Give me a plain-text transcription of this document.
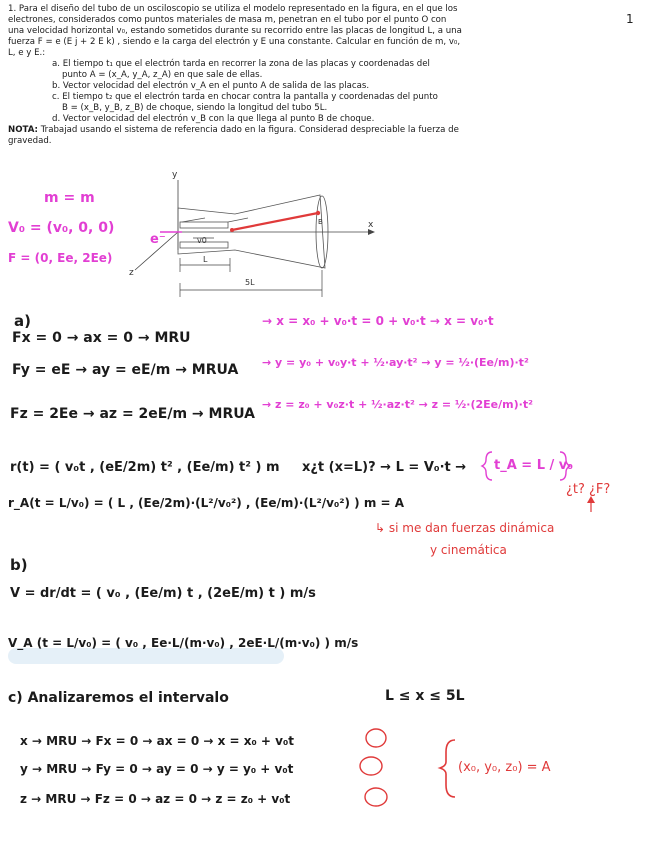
1

1. Para el diseño del tubo de un osciloscopio se utiliza el modelo representado en la figura, en el que los electrones, considerados como puntos materiales de masa m, penetran en el tubo por el punto O con una velocidad horizontal v₀, estando sometidos durante su recorrido entre las placas de longitud L, a una fuerza F = e (E j + 2 E k) , siendo e la carga del electrón y E una constante. Calcular en función de m, v₀, L, e y E.:

a. El tiempo t₁ que el electrón tarda en recorrer la zona de las placas y coordenadas del

punto A = (x_A, y_A, z_A) en que sale de ellas.

b. Vector velocidad del electrón v_A en el punto A de salida de las placas.

c. El tiempo t₂ que el electrón tarda en chocar contra la pantalla y coordenadas del punto

B = (x_B, y_B, z_B) de choque, siendo la longitud del tubo 5L.

d. Vector velocidad del electrón v_B con la que llega al punto B de choque.

NOTA: Trabajad usando el sistema de referencia dado en la figura. Considerad despreciable la fuerza de gravedad.

y
x
z
v0
L
5L
B
m = m
V₀ = (v₀, 0, 0)
F = (0, Ee, 2Ee)
e⁻
a)
Fx = 0 → ax = 0 → MRU
→ x = x₀ + v₀·t = 0 + v₀·t → x = v₀·t
Fy = eE → ay = eE/m → MRUA → y = y₀ + v₀y·t + ½·ay·t² → y = ½·(Ee/m)·t²
Fz = 2Ee → az = 2eE/m → MRUA
→ z = z₀ + v₀z·t + ½·az·t² → z = ½·(2Ee/m)·t²
r(t) = ( v₀t , (eE/2m) t² , (Ee/m) t² ) m x¿t (x=L)? → L = V₀·t → t_A = L / v₀
r_A(t = L/v₀) = ( L , (Ee/2m)·(L²/v₀²) , (Ee/m)·(L²/v₀²) ) m = A
¿t? ¿F?
↳ si me dan fuerzas dinámica
y cinemática
b)
V = dr/dt = ( v₀ , (Ee/m) t , (2eE/m) t ) m/s
V_A (t = L/v₀) = ( v₀ , Ee·L/(m·v₀) , 2eE·L/(m·v₀) ) m/s
c) Analizaremos el intervalo	L ≤ x ≤ 5L
x → MRU → Fx = 0 → ax = 0 → x = x₀ + v₀t
y → MRU → Fy = 0 → ay = 0 → y = y₀ + v₀t
z → MRU → Fz = 0 → az = 0 → z = z₀ + v₀t
(x₀, y₀, z₀) = A
